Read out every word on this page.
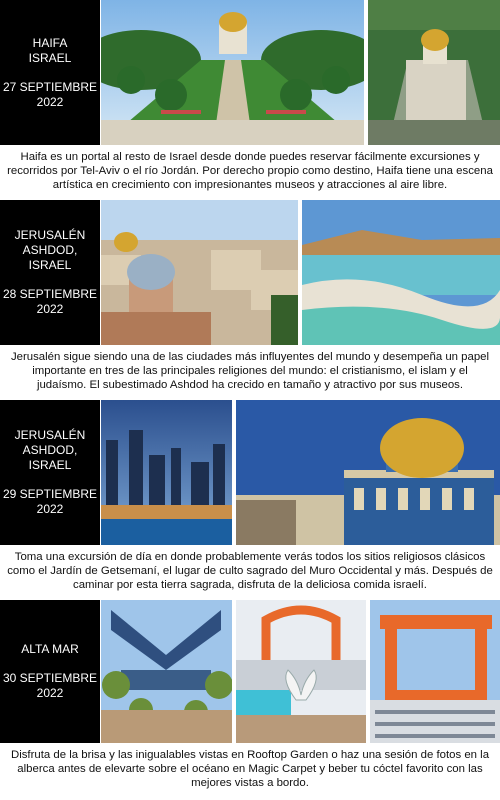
HAIFA
ISRAEL
27 SEPTIEMBRE
2022
Haifa es un portal al resto de Israel desde donde puedes reservar fácilmente excursiones y recorridos por Tel-Aviv o el río Jordán. Por derecho propio como destino, Haifa tiene una escena artística en crecimiento con impresionantes museos y atracciones al aire libre.
JERUSALÉN
ASHDOD,
ISRAEL
28 SEPTIEMBRE
2022
Jerusalén sigue siendo una de las ciudades más influyentes del mundo y desempeña un papel importante en tres de las principales religiones del mundo: el cristianismo, el islam y el judaísmo. El subestimado Ashdod ha crecido en tamaño y atractivo por sus museos.
JERUSALÉN
ASHDOD,
ISRAEL
29 SEPTIEMBRE
2022
Toma una excursión de día en donde probablemente verás todos los sitios religiosos clásicos como el Jardín de Getsemaní, el lugar de culto sagrado del Muro Occidental y más. Después de caminar por esta tierra sagrada, disfruta de la deliciosa comida israelí.
ALTA MAR
30 SEPTIEMBRE
2022
Disfruta de la brisa y las inigualables vistas en Rooftop Garden o haz una sesión de fotos en la alberca antes de elevarte sobre el océano en Magic Carpet y beber tu cóctel favorito con las mejores vistas a bordo.
